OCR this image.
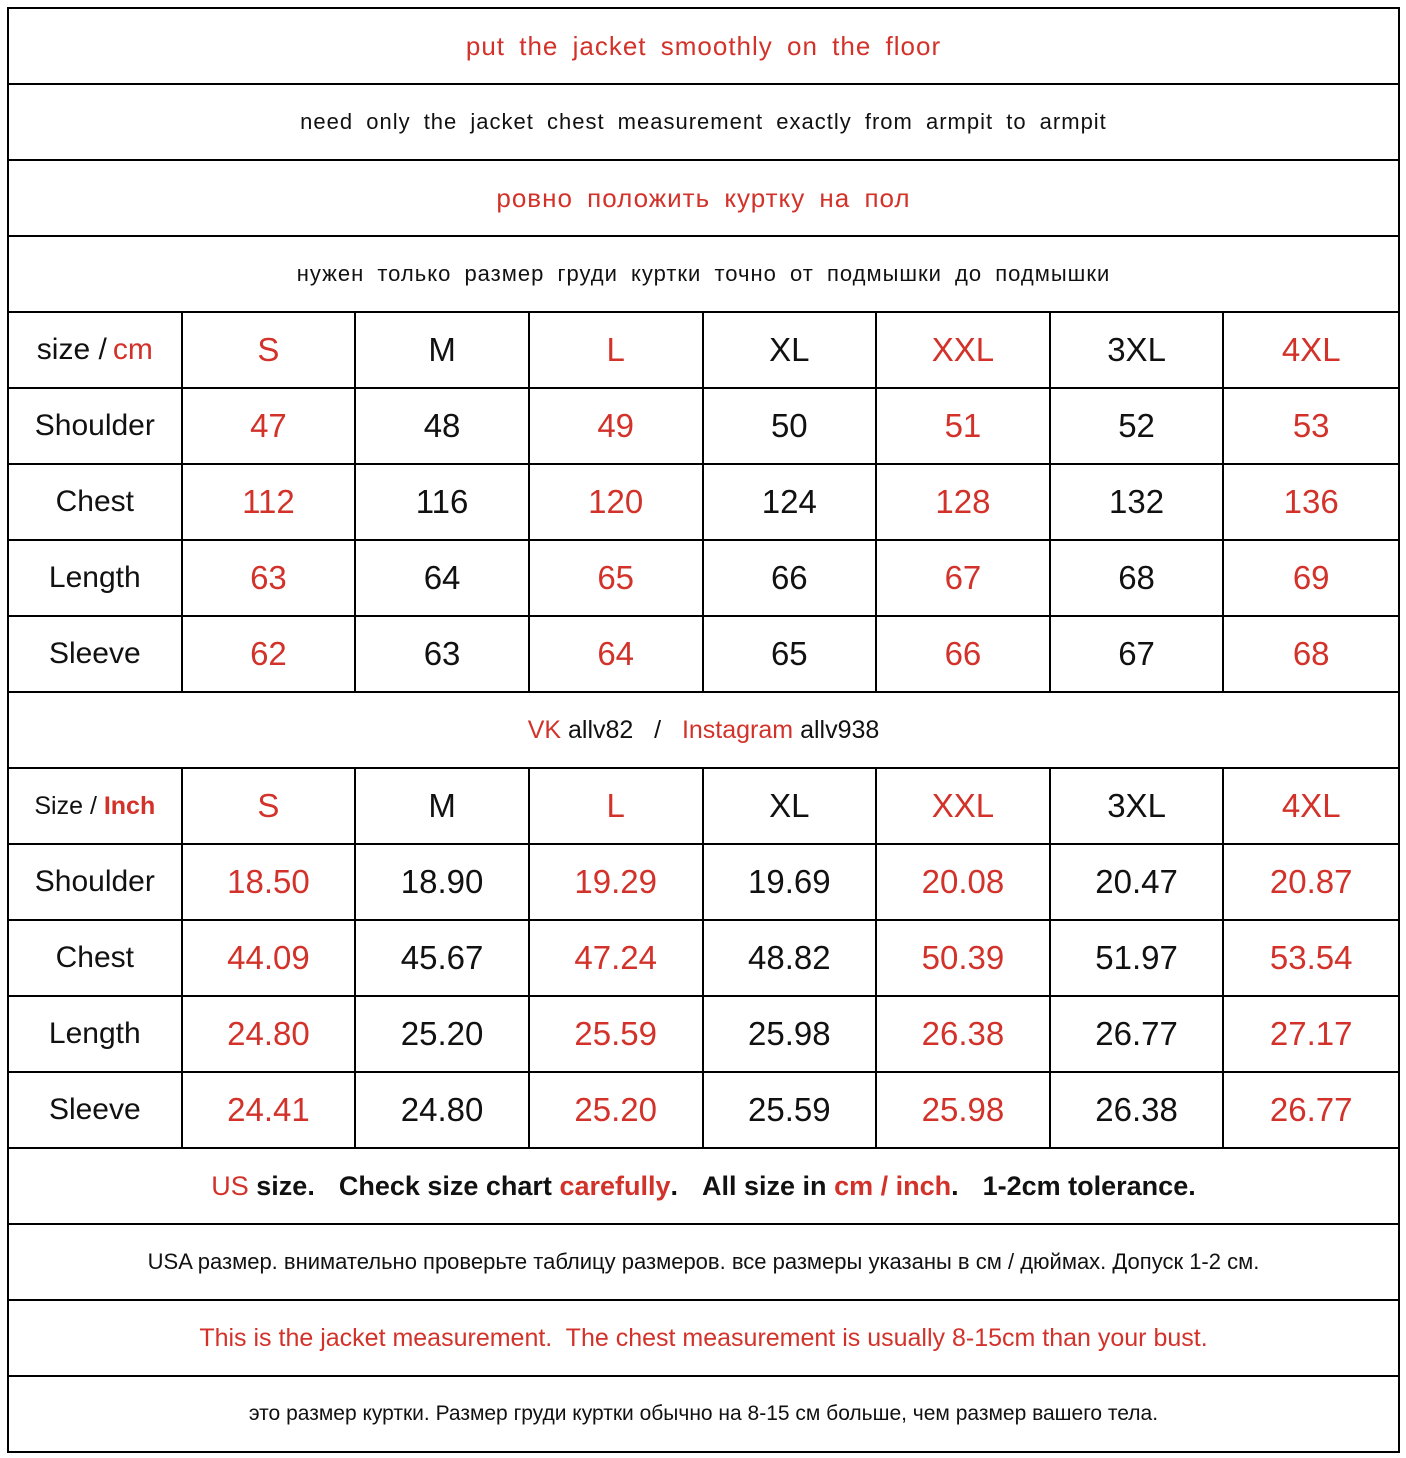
put the jacket smoothly on the floor
need only the jacket chest measurement exactly from armpit to armpit
ровно положить куртку на пол
нужен только размер груди куртки точно от подмышки до подмышки
size / cm	S	M	L	XL	XXL	3XL	4XL
Shoulder	47	48	49	50	51	52	53
Chest	112	116	120	124	128	132	136
Length	63	64	65	66	67	68	69
Sleeve	62	63	64	65	66	67	68
VK allv82 / Instagram allv938
Size / Inch	S	M	L	XL	XXL	3XL	4XL
Shoulder	18.50	18.90	19.29	19.69	20.08	20.47	20.87
Chest	44.09	45.67	47.24	48.82	50.39	51.97	53.54
Length	24.80	25.20	25.59	25.98	26.38	26.77	27.17
Sleeve	24.41	24.80	25.20	25.59	25.98	26.38	26.77
US size. Check size chart carefully . All size in cm / inch . 1-2cm tolerance.
USA размер. внимательно проверьте таблицу размеров. все размеры указаны в см / дюймах. Допуск 1-2 см.
This is the jacket measurement.  The chest measurement is usually 8-15cm than your bust.
это размер куртки. Размер груди куртки обычно на 8-15 см больше, чем размер вашего тела.
